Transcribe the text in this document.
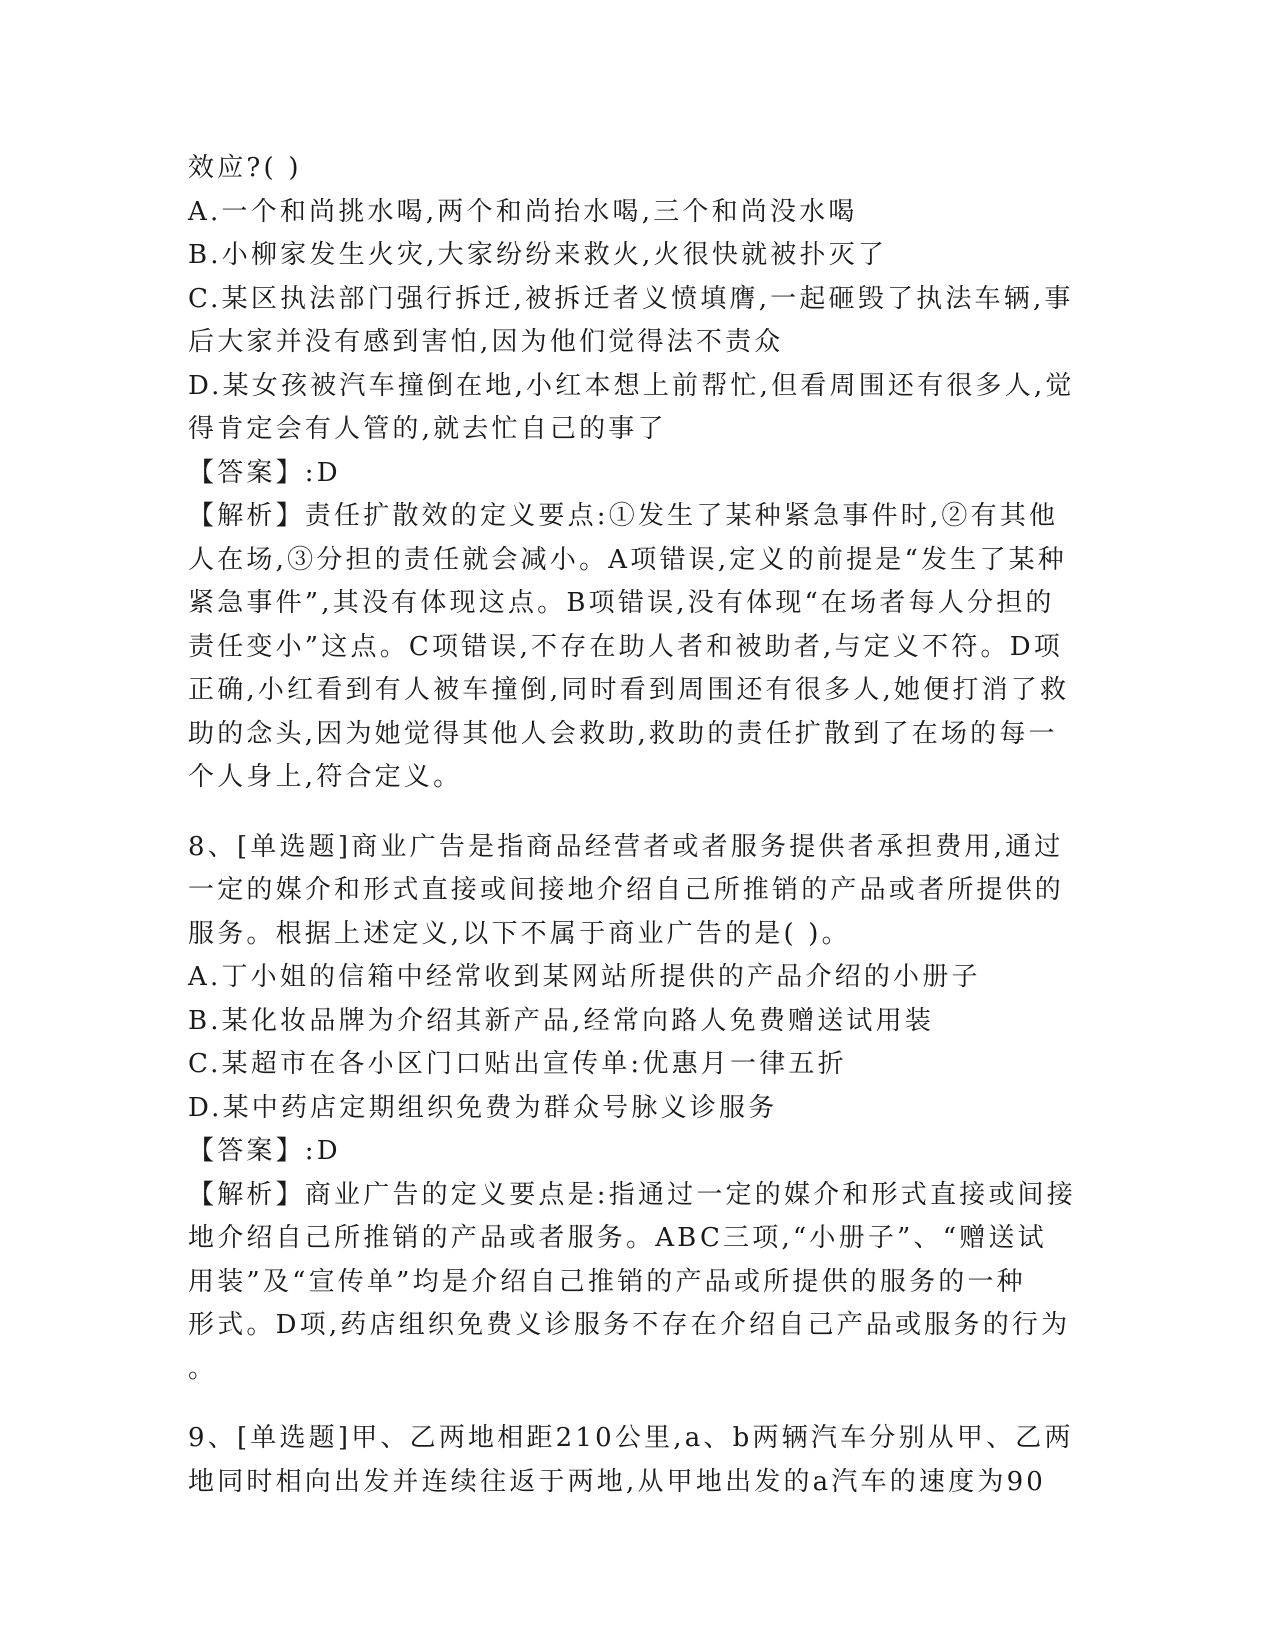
效应?( )
A.一个和尚挑水喝,两个和尚抬水喝,三个和尚没水喝
B.小柳家发生火灾,大家纷纷来救火,火很快就被扑灭了
C.某区执法部门强行拆迁,被拆迁者义愤填膺,一起砸毁了执法车辆,事
后大家并没有感到害怕,因为他们觉得法不责众
D.某女孩被汽车撞倒在地,小红本想上前帮忙,但看周围还有很多人,觉
得肯定会有人管的,就去忙自己的事了
【答案】:D
【解析】责任扩散效的定义要点:①发生了某种紧急事件时,②有其他
人在场,③分担的责任就会减小。A项错误,定义的前提是“发生了某种
紧急事件”,其没有体现这点。B项错误,没有体现“在场者每人分担的
责任变小”这点。C项错误,不存在助人者和被助者,与定义不符。D项
正确,小红看到有人被车撞倒,同时看到周围还有很多人,她便打消了救
助的念头,因为她觉得其他人会救助,救助的责任扩散到了在场的每一
个人身上,符合定义。
8、[单选题]商业广告是指商品经营者或者服务提供者承担费用,通过
一定的媒介和形式直接或间接地介绍自己所推销的产品或者所提供的
服务。根据上述定义,以下不属于商业广告的是( )。
A.丁小姐的信箱中经常收到某网站所提供的产品介绍的小册子
B.某化妆品牌为介绍其新产品,经常向路人免费赠送试用装
C.某超市在各小区门口贴出宣传单:优惠月一律五折
D.某中药店定期组织免费为群众号脉义诊服务
【答案】:D
【解析】商业广告的定义要点是:指通过一定的媒介和形式直接或间接
地介绍自己所推销的产品或者服务。ABC三项,“小册子”、“赠送试
用装”及“宣传单”均是介绍自己推销的产品或所提供的服务的一种
形式。D项,药店组织免费义诊服务不存在介绍自己产品或服务的行为
。
9、[单选题]甲、乙两地相距210公里,a、b两辆汽车分别从甲、乙两
地同时相向出发并连续往返于两地,从甲地出发的a汽车的速度为90
